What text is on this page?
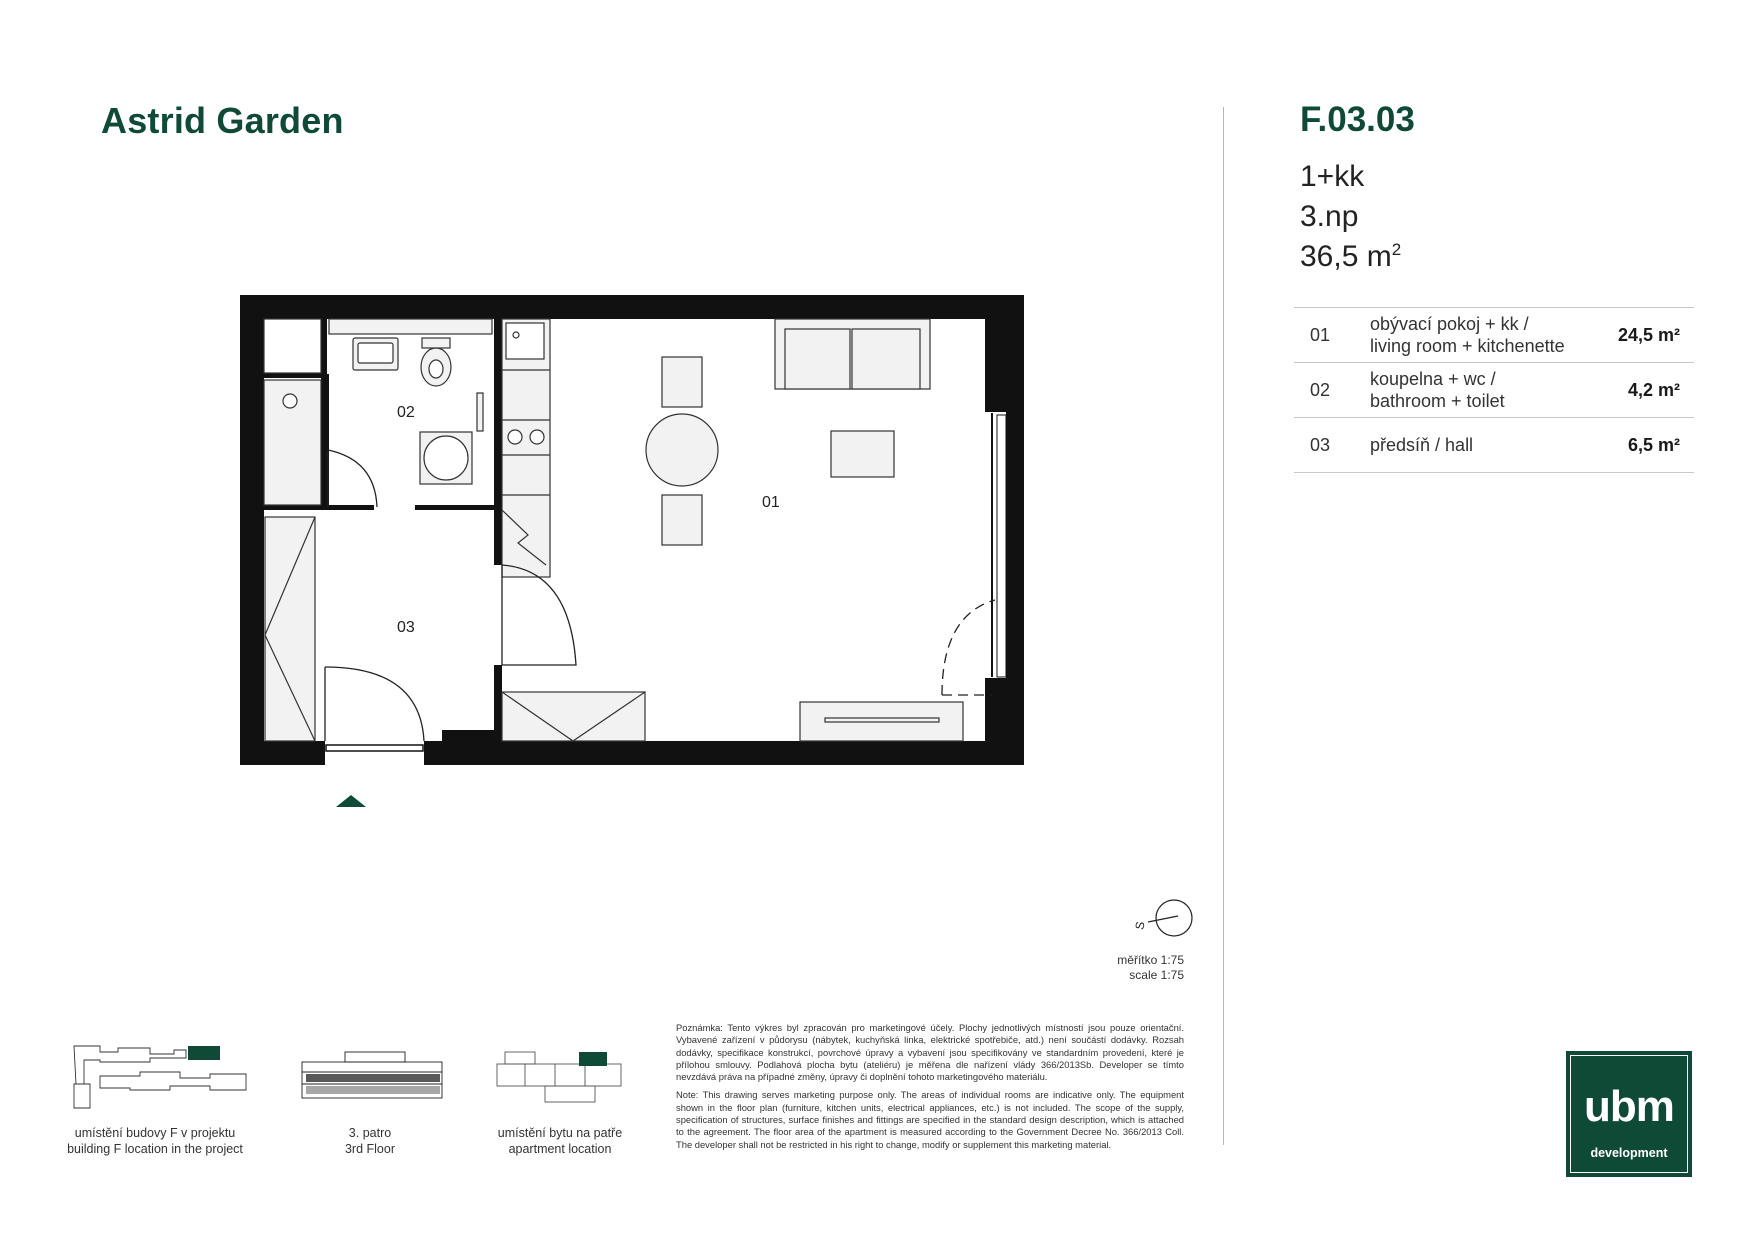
Astrid Garden	F.03.03
1+kk
3.np
36,5 $m^2$
01	obývací pokoj + kk /
living room + kitchenette	24,5 m²
02	koupelna + wc /
bathroom + toilet	4,2 m²
03	předsíň / hall	6,5 m²
01
02
03
S
měřítko 1:75
scale 1:75
umístění budovy F v projektu
building F location in the project
3. patro
3rd Floor
umístění bytu na patře
apartment location
Poznámka: Tento výkres byl zpracován pro marketingové účely. Plochy jednotlivých místností jsou pouze orientační. Vybavené zařízení v půdorysu (nábytek, kuchyňská linka, elektrické spotřebiče, atd.) není součástí dodávky. Rozsah dodávky, specifikace konstrukcí, povrchové úpravy a vybavení jsou specifikovány ve standardním provedení, které je přílohou smlouvy. Podlahová plocha bytu (ateliéru) je měřena dle nařízení vlády 366/2013Sb. Developer se tímto nevzdává práva na případné změny, úpravy či doplnění tohoto marketingového materiálu.
Note: This drawing serves marketing purpose only. The areas of individual rooms are indicative only. The equipment shown in the floor plan (furniture, kitchen units, electrical appliances, etc.) is not included. The scope of the supply, specification of structures, surface finishes and fittings are specified in the standard design description, which is attached to the agreement. The floor area of the apartment is measured according to the Government Decree No. 366/2013 Coll. The developer shall not be restricted in his right to change, modify or supplement this marketing material.
ubm
development
